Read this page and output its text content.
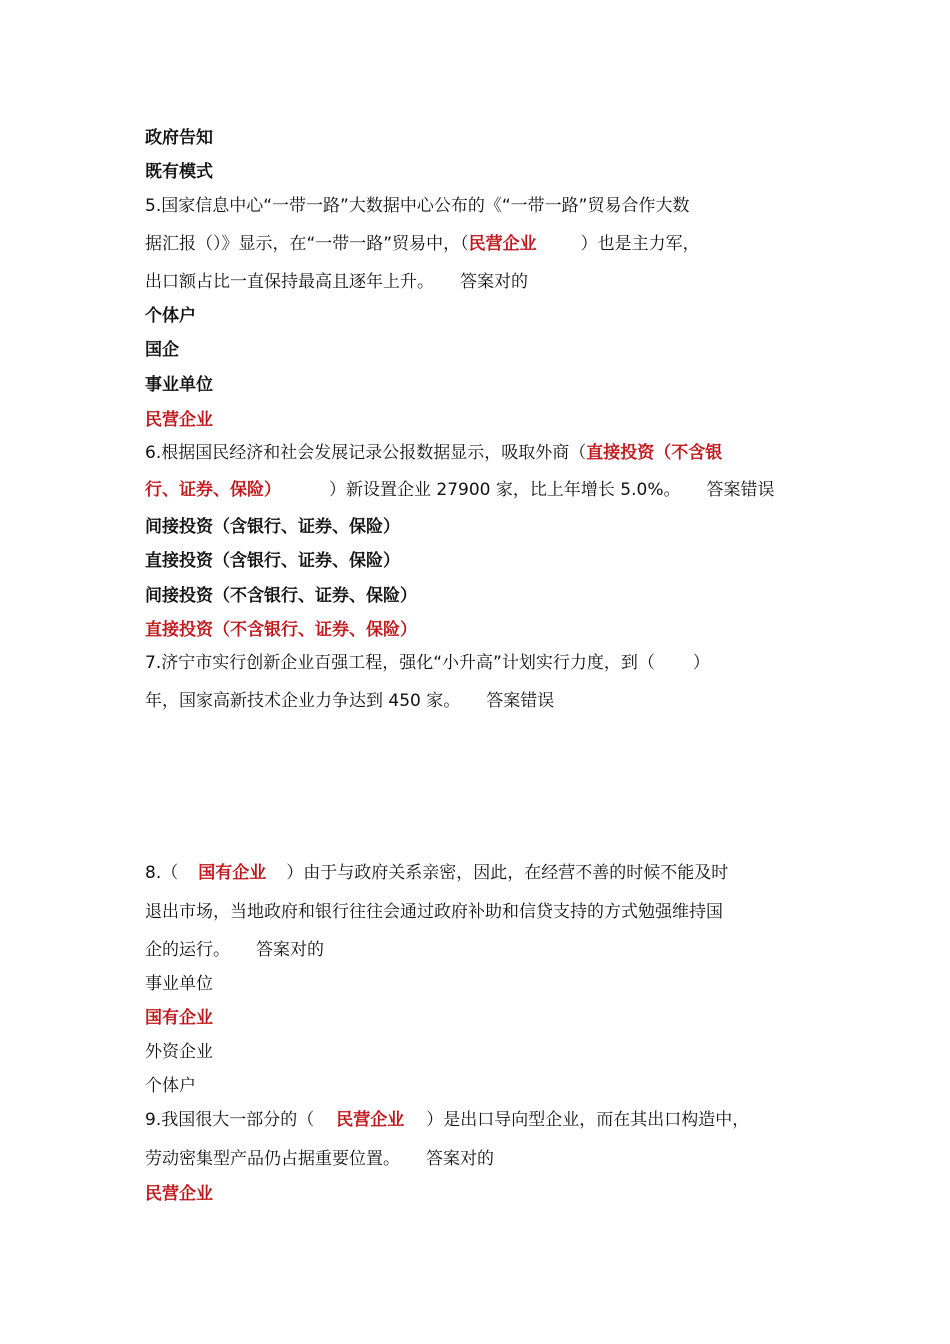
政府告知
既有模式
5.国家信息中心“一带一路”大数据中心公布的《“一带一路”贸易合作大数
据汇报（）》显示，在“一带一路”贸易中，（民营企业	）也是主力军，
出口额占比一直保持最高且逐年上升。 答案对的
个体户
国企
事业单位
民营企业
6.根据国民经济和社会发展记录公报数据显示，吸取外商（直接投资（不含银
行、证券、保险）	）新设置企业 27900 家，比上年增长 5.0%。 答案错误
间接投资（含银行、证券、保险）
直接投资（含银行、证券、保险）
间接投资（不含银行、证券、保险）
直接投资（不含银行、证券、保险）
7.济宁市实行创新企业百强工程，强化“小升高”计划实行力度，到（ ）
年，国家高新技术企业力争达到 450 家。 答案错误
8.（ 国有企业 ）由于与政府关系亲密，因此，在经营不善的时候不能及时
退出市场，当地政府和银行往往会通过政府补助和信贷支持的方式勉强维持国
企的运行。 答案对的
事业单位
国有企业
外资企业
个体户
9.我国很大一部分的（ 民营企业 ）是出口导向型企业，而在其出口构造中，
劳动密集型产品仍占据重要位置。 答案对的
民营企业
